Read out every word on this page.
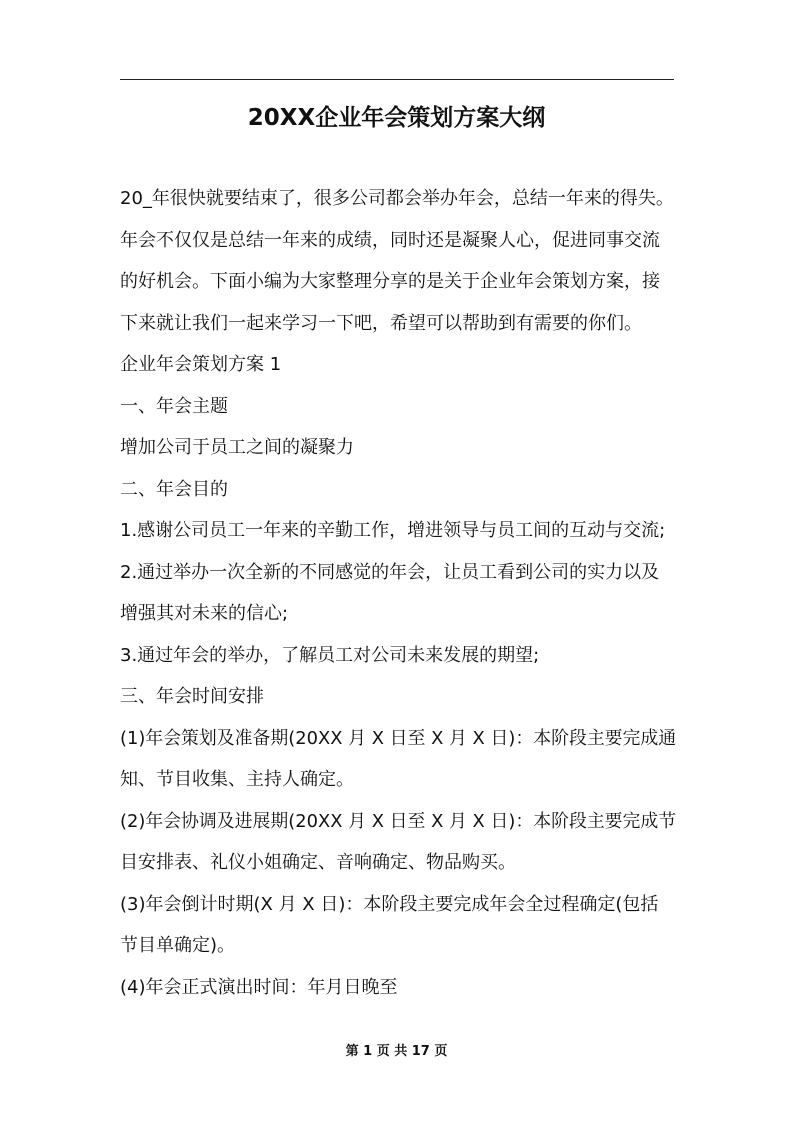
20XX企业年会策划方案大纲

20_年很快就要结束了，很多公司都会举办年会，总结一年来的得失。

年会不仅仅是总结一年来的成绩，同时还是凝聚人心，促进同事交流

的好机会。下面小编为大家整理分享的是关于企业年会策划方案，接

下来就让我们一起来学习一下吧，希望可以帮助到有需要的你们。

企业年会策划方案 1

一、年会主题

增加公司于员工之间的凝聚力

二、年会目的

1.感谢公司员工一年来的辛勤工作，增进领导与员工间的互动与交流;

2.通过举办一次全新的不同感觉的年会，让员工看到公司的实力以及

增强其对未来的信心;

3.通过年会的举办，了解员工对公司未来发展的期望;

三、年会时间安排

(1)年会策划及准备期(20XX 月 X 日至 X 月 X 日)：本阶段主要完成通

知、节目收集、主持人确定。

(2)年会协调及进展期(20XX 月 X 日至 X 月 X 日)：本阶段主要完成节

目安排表、礼仪小姐确定、音响确定、物品购买。

(3)年会倒计时期(X 月 X 日)：本阶段主要完成年会全过程确定(包括

节目单确定)。

(4)年会正式演出时间：年月日晚至

第 1 页 共 17 页
